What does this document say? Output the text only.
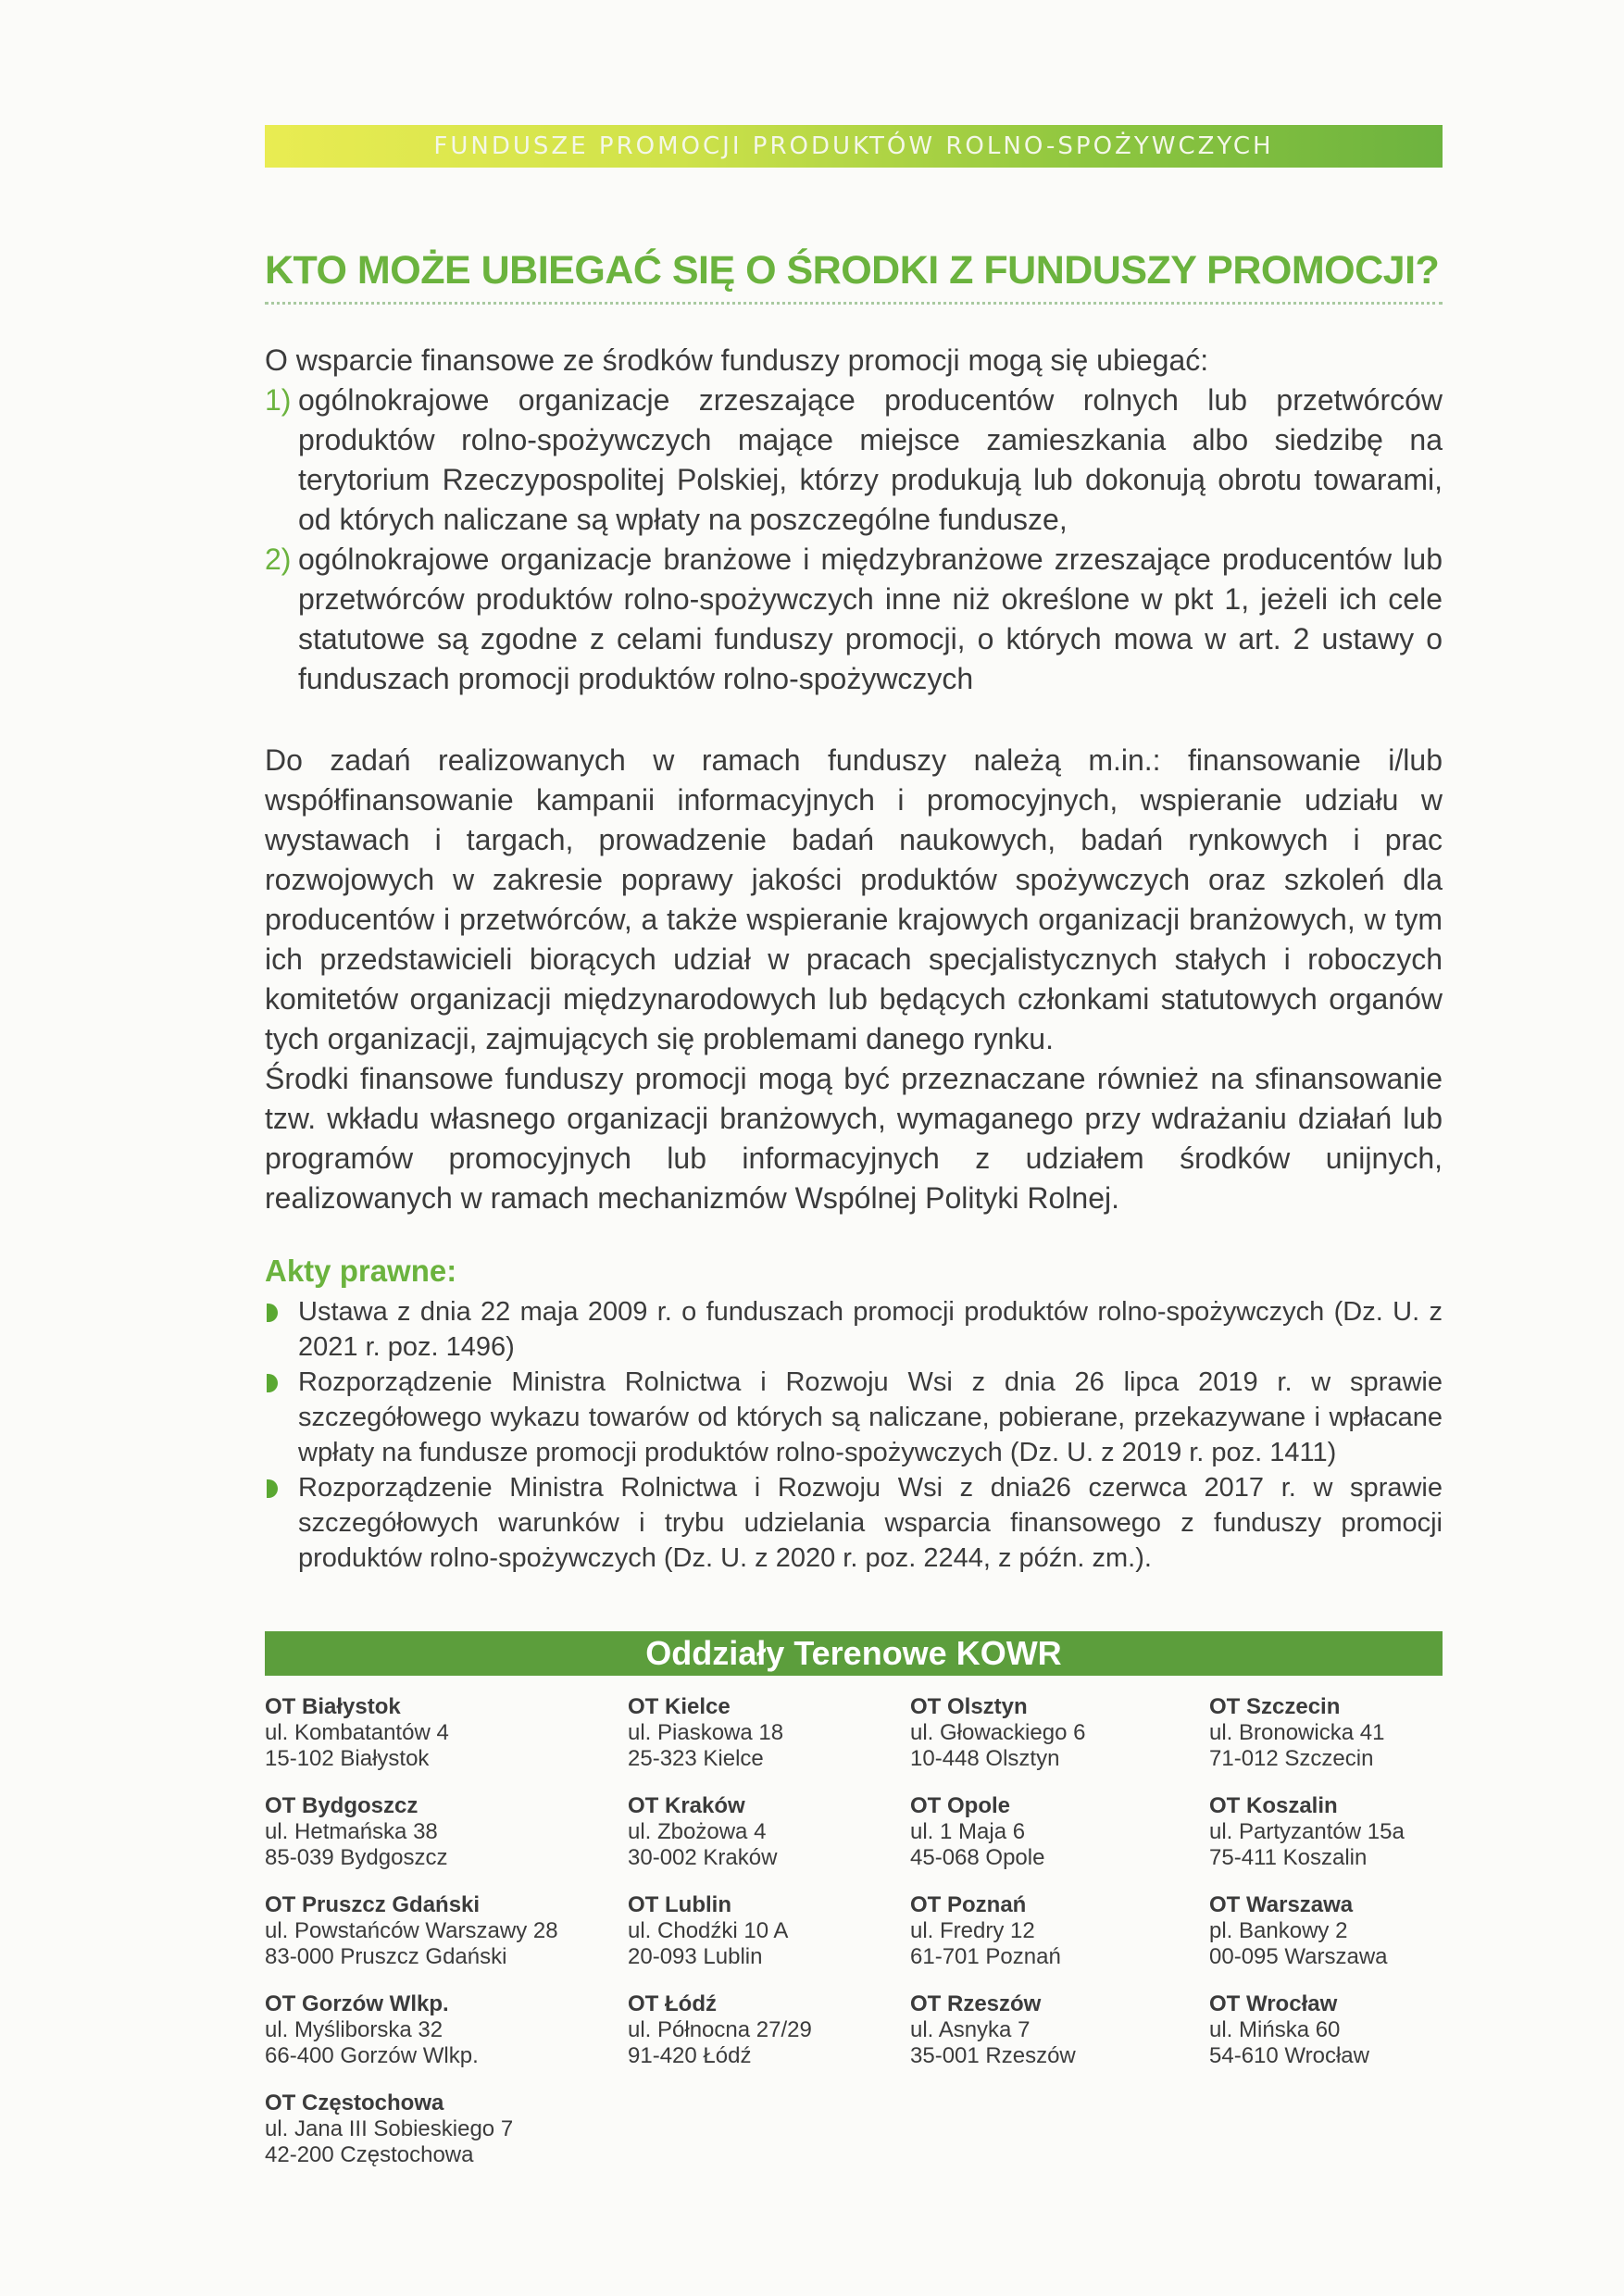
FUNDUSZE PROMOCJI PRODUKTÓW ROLNO-SPOŻYWCZYCH
KTO MOŻE UBIEGAĆ SIĘ O ŚRODKI Z FUNDUSZY PROMOCJI?

O wsparcie finansowe ze środków funduszy promocji mogą się ubiegać:

1) ogólnokrajowe organizacje zrzeszające producentów rolnych lub przetwórców produktów rolno-spożywczych mające miejsce zamieszkania albo siedzibę na terytorium Rzeczypospolitej Polskiej, którzy produkują lub dokonują obrotu towarami, od których naliczane są wpłaty na poszczególne fundusze,
2) ogólnokrajowe organizacje branżowe i międzybranżowe zrzeszające producentów lub przetwórców produktów rolno-spożywczych inne niż określone w pkt 1, jeżeli ich cele statutowe są zgodne z celami funduszy promocji, o których mowa w art. 2 ustawy o funduszach promocji produktów rolno-spożywczych

Do zadań realizowanych w ramach funduszy należą m.in.: finansowanie i/lub współfinansowanie kampanii informacyjnych i promocyjnych, wspieranie udziału w wystawach i targach, prowadzenie badań naukowych, badań rynkowych i prac rozwojowych w zakresie poprawy jakości produktów spożywczych oraz szkoleń dla producentów i przetwórców, a także wspieranie krajowych organizacji branżowych, w tym ich przedstawicieli biorących udział w pracach specjalistycznych stałych i roboczych komitetów organizacji międzynarodowych lub będących członkami statutowych organów tych organizacji, zajmujących się problemami danego rynku.

Środki finansowe funduszy promocji mogą być przeznaczane również na sfinansowanie tzw. wkładu własnego organizacji branżowych, wymaganego przy wdrażaniu działań lub programów promocyjnych lub informacyjnych z udziałem środków unijnych, realizowanych w ramach mechanizmów Wspólnej Polityki Rolnej.

Akty prawne:
Ustawa z dnia 22 maja 2009 r. o funduszach promocji produktów rolno-spożywczych (Dz. U. z 2021 r. poz. 1496)
Rozporządzenie Ministra Rolnictwa i Rozwoju Wsi z dnia 26 lipca 2019 r. w sprawie szczegółowego wykazu towarów od których są naliczane, pobierane, przekazywane i wpłacane wpłaty na fundusze promocji produktów rolno-spożywczych (Dz. U. z 2019 r. poz. 1411)
Rozporządzenie Ministra Rolnictwa i Rozwoju Wsi z dnia26 czerwca 2017 r. w sprawie szczegółowych warunków i trybu udzielania wsparcia finansowego z funduszy promocji produktów rolno-spożywczych (Dz. U. z 2020 r. poz. 2244, z późn. zm.).
Oddziały Terenowe KOWR
OT Białystok
ul. Kombatantów 4
15-102 Białystok
OT Kielce
ul. Piaskowa 18
25-323 Kielce
OT Olsztyn
ul. Głowackiego 6
10-448 Olsztyn
OT Szczecin
ul. Bronowicka 41
71-012 Szczecin
OT Bydgoszcz
ul. Hetmańska 38
85-039 Bydgoszcz
OT Kraków
ul. Zbożowa 4
30-002 Kraków
OT Opole
ul. 1 Maja 6
45-068 Opole
OT Koszalin
ul. Partyzantów 15a
75-411 Koszalin
OT Pruszcz Gdański
ul. Powstańców Warszawy 28
83-000 Pruszcz Gdański
OT Lublin
ul. Chodźki 10 A
20-093 Lublin
OT Poznań
ul. Fredry 12
61-701 Poznań
OT Warszawa
pl. Bankowy 2
00-095 Warszawa
OT Gorzów Wlkp.
ul. Myśliborska 32
66-400 Gorzów Wlkp.
OT Łódź
ul. Północna 27/29
91-420 Łódź
OT Rzeszów
ul. Asnyka 7
35-001 Rzeszów
OT Wrocław
ul. Mińska 60
54-610 Wrocław
OT Częstochowa
ul. Jana III Sobieskiego 7
42-200 Częstochowa
